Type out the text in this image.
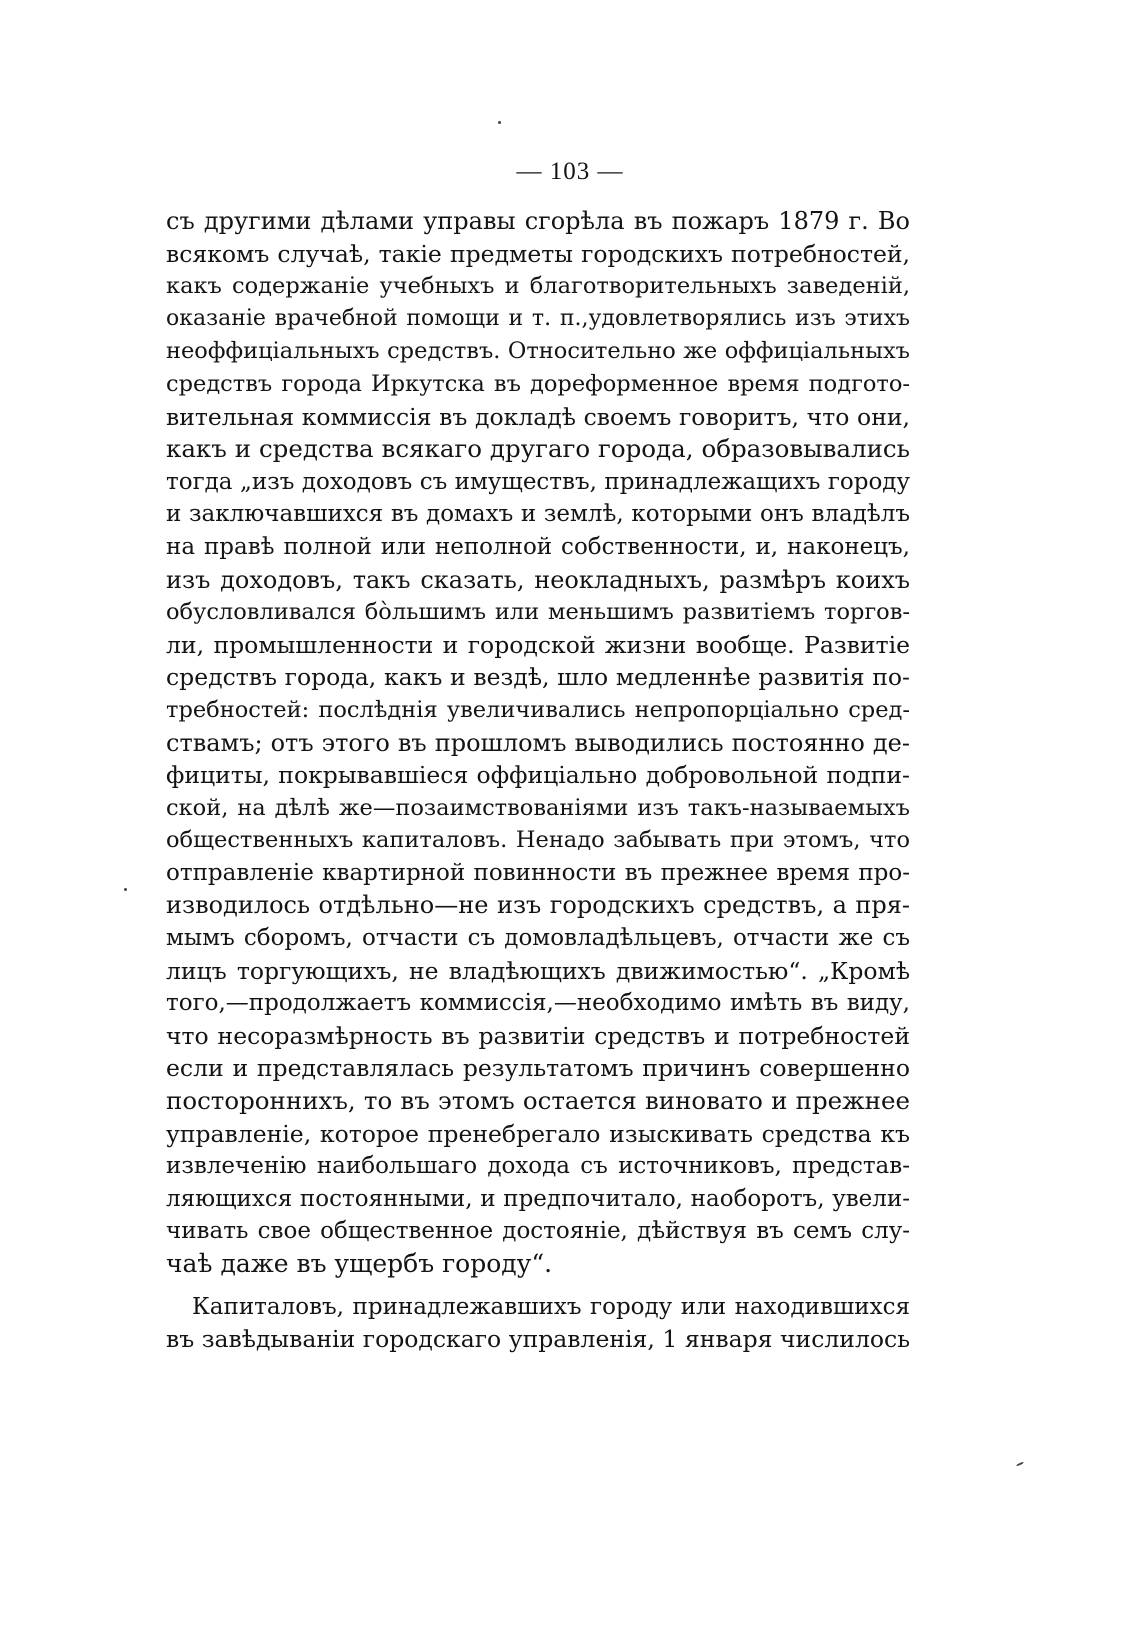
— 103 —
съ другими дѣлами управы сгорѣла въ пожаръ 1879 г. Во
всякомъ случаѣ, такіе предметы городскихъ потребностей,
какъ содержаніе учебныхъ и благотворительныхъ заведеній,
оказаніе врачебной помощи и т. п.,удовлетворялись изъ этихъ
неоффиціальныхъ средствъ. Относительно же оффиціальныхъ
средствъ города Иркутска въ дореформенное время подгото-
вительная коммиссія въ докладѣ своемъ говоритъ, что они,
какъ и средства всякаго другаго города, образовывались
тогда „изъ доходовъ съ имуществъ, принадлежащихъ городу
и заключавшихся въ домахъ и землѣ, которыми онъ владѣлъ
на правѣ полной или неполной собственности, и, наконецъ,
изъ доходовъ, такъ сказать, неокладныхъ, размѣръ коихъ
обусловливался бо̀льшимъ или меньшимъ развитіемъ торгов-
ли, промышленности и городской жизни вообще. Развитіе
средствъ города, какъ и вездѣ, шло медленнѣе развитія по-
требностей: послѣднія увеличивались непропорціально сред-
ствамъ; отъ этого въ прошломъ выводились постоянно де-
фициты, покрывавшіеся оффиціально добровольной подпи-
ской, на дѣлѣ же—позаимствованіями изъ такъ-называемыхъ
общественныхъ капиталовъ. Ненадо забывать при этомъ, что
отправленіе квартирной повинности въ прежнее время про-
изводилось отдѣльно—не изъ городскихъ средствъ, а пря-
мымъ сборомъ, отчасти съ домовладѣльцевъ, отчасти же съ
лицъ торгующихъ, не владѣющихъ движимостью“. „Кромѣ
того,—продолжаетъ коммиссія,—необходимо имѣть въ виду,
что несоразмѣрность въ развитіи средствъ и потребностей
если и представлялась результатомъ причинъ совершенно
постороннихъ, то въ этомъ остается виновато и прежнее
управленіе, которое пренебрегало изыскивать средства къ
извлеченію наибольшаго дохода съ источниковъ, представ-
ляющихся постоянными, и предпочитало, наоборотъ, увели-
чивать свое общественное достояніе, дѣйствуя въ семъ слу-
чаѣ даже въ ущербъ городу“.
Капиталовъ, принадлежавшихъ городу или находившихся
въ завѣдываніи городскаго управленія, 1 января числилось
